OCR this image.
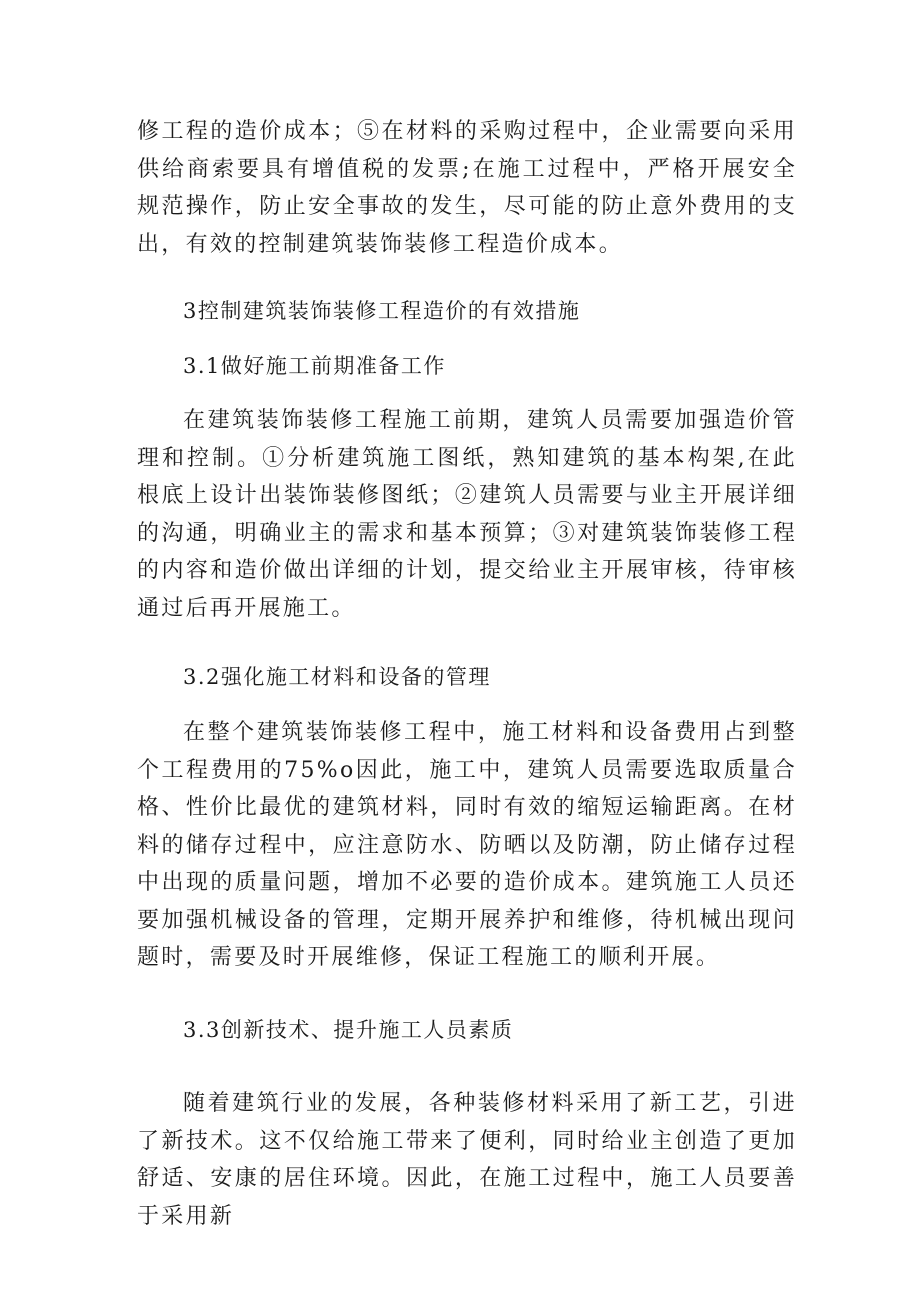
修工程的造价成本；⑤在材料的采购过程中，企业需要向采用供给商索要具有增值税的发票;在施工过程中，严格开展安全规范操作，防止安全事故的发生，尽可能的防止意外费用的支出，有效的控制建筑装饰装修工程造价成本。

3控制建筑装饰装修工程造价的有效措施

3.1做好施工前期准备工作

在建筑装饰装修工程施工前期，建筑人员需要加强造价管理和控制。①分析建筑施工图纸，熟知建筑的基本构架,在此根底上设计出装饰装修图纸；②建筑人员需要与业主开展详细的沟通，明确业主的需求和基本预算；③对建筑装饰装修工程的内容和造价做出详细的计划，提交给业主开展审核，待审核通过后再开展施工。

3.2强化施工材料和设备的管理

在整个建筑装饰装修工程中，施工材料和设备费用占到整个工程费用的75%o因此，施工中，建筑人员需要选取质量合格、性价比最优的建筑材料，同时有效的缩短运输距离。在材料的储存过程中，应注意防水、防晒以及防潮，防止储存过程中出现的质量问题，增加不必要的造价成本。建筑施工人员还要加强机械设备的管理，定期开展养护和维修，待机械出现问题时，需要及时开展维修，保证工程施工的顺利开展。

3.3创新技术、提升施工人员素质

随着建筑行业的发展，各种装修材料采用了新工艺，引进了新技术。这不仅给施工带来了便利，同时给业主创造了更加舒适、安康的居住环境。因此，在施工过程中，施工人员要善于采用新
